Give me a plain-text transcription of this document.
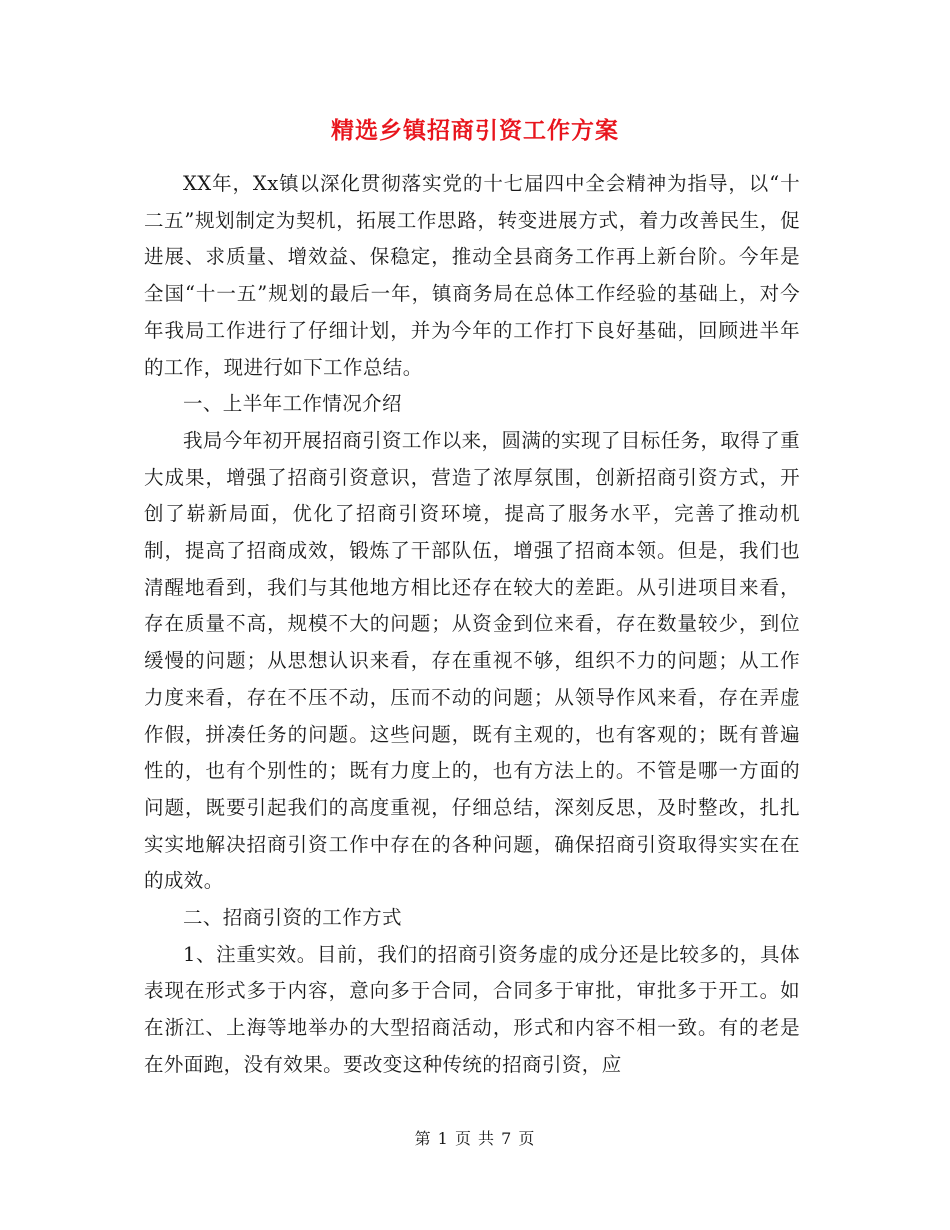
精选乡镇招商引资工作方案

XX年，Xx镇以深化贯彻落实党的十七届四中全会精神为指导，以“十二五”规划制定为契机，拓展工作思路，转变进展方式，着力改善民生，促进展、求质量、增效益、保稳定，推动全县商务工作再上新台阶。今年是全国“十一五”规划的最后一年，镇商务局在总体工作经验的基础上，对今年我局工作进行了仔细计划，并为今年的工作打下良好基础，回顾进半年的工作，现进行如下工作总结。

一、上半年工作情况介绍

我局今年初开展招商引资工作以来，圆满的实现了目标任务，取得了重大成果，增强了招商引资意识，营造了浓厚氛围，创新招商引资方式，开创了崭新局面，优化了招商引资环境，提高了服务水平，完善了推动机制，提高了招商成效，锻炼了干部队伍，增强了招商本领。但是，我们也清醒地看到，我们与其他地方相比还存在较大的差距。从引进项目来看，存在质量不高，规模不大的问题；从资金到位来看，存在数量较少，到位缓慢的问题；从思想认识来看，存在重视不够，组织不力的问题；从工作力度来看，存在不压不动，压而不动的问题；从领导作风来看，存在弄虚作假，拼凑任务的问题。这些问题，既有主观的，也有客观的；既有普遍性的，也有个别性的；既有力度上的，也有方法上的。不管是哪一方面的问题，既要引起我们的高度重视，仔细总结，深刻反思，及时整改，扎扎实实地解决招商引资工作中存在的各种问题，确保招商引资取得实实在在的成效。

二、招商引资的工作方式

1、注重实效。目前，我们的招商引资务虚的成分还是比较多的，具体表现在形式多于内容，意向多于合同，合同多于审批，审批多于开工。如在浙江、上海等地举办的大型招商活动，形式和内容不相一致。有的老是在外面跑，没有效果。要改变这种传统的招商引资，应

第 1 页 共 7 页
